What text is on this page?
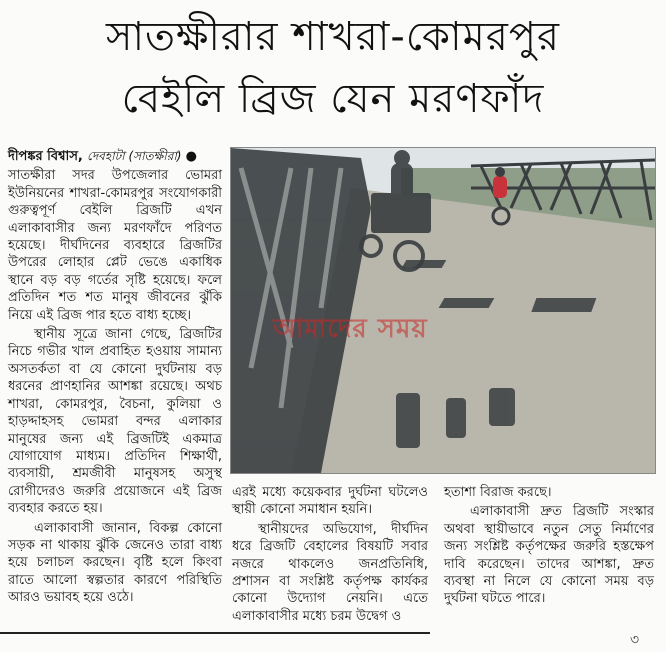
সাতক্ষীরার শাখরা-কোমরপুর
বেইলি ব্রিজ যেন মরণফাঁদ

দীপঙ্কর বিশ্বাস, দেবহাটা (সাতক্ষীরা) ●

সাতক্ষীরা সদর উপজেলার ভোমরা ইউনিয়নের শাখরা-কোমরপুর সংযোগকারী গুরুত্বপূর্ণ বেইলি ব্রিজটি এখন এলাকাবাসীর জন্য মরণফাঁদে পরিণত হয়েছে। দীর্ঘদিনের ব্যবহারে ব্রিজটির উপরের লোহার প্লেট ভেঙে একাধিক স্থানে বড় বড় গর্তের সৃষ্টি হয়েছে। ফলে প্রতিদিন শত শত মানুষ জীবনের ঝুঁকি নিয়ে এই ব্রিজ পার হতে বাধ্য হচ্ছে।

স্থানীয় সূত্রে জানা গেছে, ব্রিজটির নিচে গভীর খাল প্রবাহিত হওয়ায় সামান্য অসতর্কতা বা যে কোনো দুর্ঘটনায় বড় ধরনের প্রাণহানির আশঙ্কা রয়েছে। অথচ শাখরা, কোমরপুর, বৈচনা, কুলিয়া ও হাড়দ্দাহসহ ভোমরা বন্দর এলাকার মানুষের জন্য এই ব্রিজটিই একমাত্র যোগাযোগ মাধ্যম। প্রতিদিন শিক্ষার্থী, ব্যবসায়ী, শ্রমজীবী মানুষসহ অসুস্থ রোগীদেরও জরুরি প্রয়োজনে এই ব্রিজ ব্যবহার করতে হয়।

এলাকাবাসী জানান, বিকল্প কোনো সড়ক না থাকায় ঝুঁকি জেনেও তারা বাধ্য হয়ে চলাচল করছেন। বৃষ্টি হলে কিংবা রাতে আলো স্বল্পতার কারণে পরিস্থিতি আরও ভয়াবহ হয়ে ওঠে।

আমাদের সময়

এরই মধ্যে কয়েকবার দুর্ঘটনা ঘটলেও স্থায়ী কোনো সমাধান হয়নি।

স্থানীয়দের অভিযোগ, দীর্ঘদিন ধরে ব্রিজটি বেহালের বিষয়টি সবার নজরে থাকলেও জনপ্রতিনিধি, প্রশাসন বা সংশ্লিষ্ট কর্তৃপক্ষ কার্যকর কোনো উদ্যোগ নেয়নি। এতে এলাকাবাসীর মধ্যে চরম উদ্বেগ ও

হতাশা বিরাজ করছে।

এলাকাবাসী দ্রুত ব্রিজটি সংস্কার অথবা স্থায়ীভাবে নতুন সেতু নির্মাণের জন্য সংশ্লিষ্ট কর্তৃপক্ষের জরুরি হস্তক্ষেপ দাবি করেছেন। তাদের আশঙ্কা, দ্রুত ব্যবস্থা না নিলে যে কোনো সময় বড় দুর্ঘটনা ঘটতে পারে।

৩
